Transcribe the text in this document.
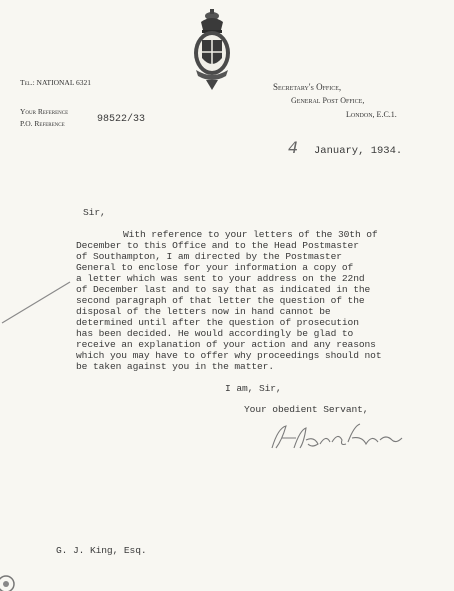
Tel.: NATIONAL 6321
Your Reference
P.O. Reference	98522/33
Secretary's Office,
General Post Office,
London, E.C.1.
4 January, 1934.
Sir,
With reference to your letters of the 30th of
December to this Office and to the Head Postmaster
of Southampton, I am directed by the Postmaster
General to enclose for your information a copy of
a letter which was sent to your address on the 22nd
of December last and to say that as indicated in the
second paragraph of that letter the question of the
disposal of the letters now in hand cannot be
determined until after the question of prosecution
has been decided. He would accordingly be glad to
receive an explanation of your action and any reasons
which you may have to offer why proceedings should not
be taken against you in the matter.
I am, Sir,
Your obedient Servant,
G. J. King, Esq.
